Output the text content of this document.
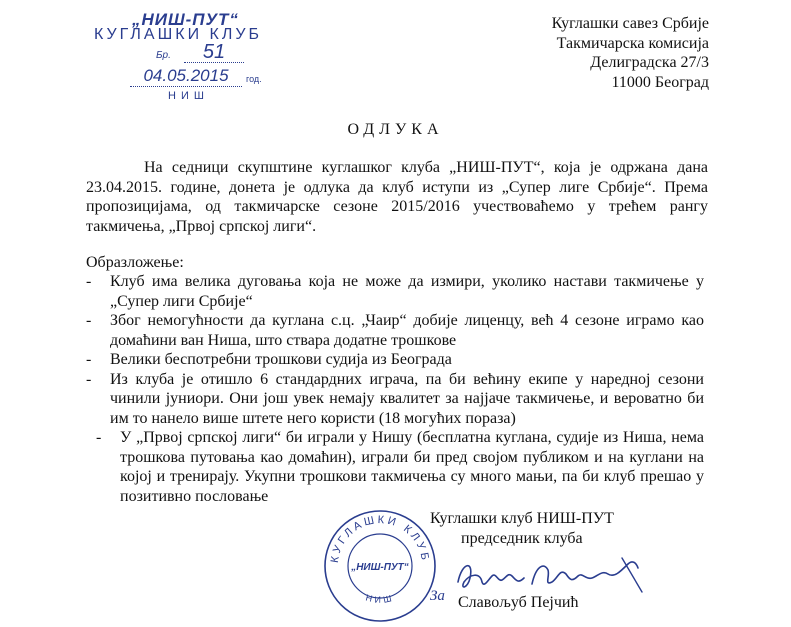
„НИШ-ПУТ“
КУГЛАШКИ КЛУБ
Бр.	51
04.05.2015	год.
НИШ
Куглашки савез Србије
Такмичарска комисија
Делиградска 27/3
11000 Београд
ОДЛУКА

На седници скупштине куглашког клуба „НИШ-ПУТ“, која је одржана дана 23.04.2015. године, донета је одлука да клуб иступи из „Супер лиге Србије“. Према пропозицијама, од такмичарске сезоне 2015/2016 учествоваћемо у трећем рангу такмичења, „Првој српској лиги“.

Образложење:
- Клуб има велика дуговања која не може да измири, уколико настави такмичење у „Супер лиги Србије“
- Због немогућности да куглана с.ц. „Чаир“ добије лиценцу, већ 4 сезоне играмо као домаћини ван Ниша, што ствара додатне трошкове
- Велики беспотребни трошкови судија из Београда
- Из клуба је отишло 6 стандардних играча, па би већину екипе у наредној сезони чинили јуниори. Они још увек немају квалитет за најјаче такмичење, и вероватно би им то нанело више штете него користи (18 могућих пораза)
- У „Првој српској лиги“ би играли у Нишу (бесплатна куглана, судије из Ниша, нема трошкова путовања као домаћин), играли би пред својом публиком и на куглани на којој и тренирају. Укупни трошкови такмичења су много мањи, па би клуб прешао у позитивно пословање
КУГЛАШКИ КЛУБ
НИШ
„НИШ-ПУТ“
Куглашки клуб НИШ-ПУТ
председник клуба
За Славољуб Пејчић
